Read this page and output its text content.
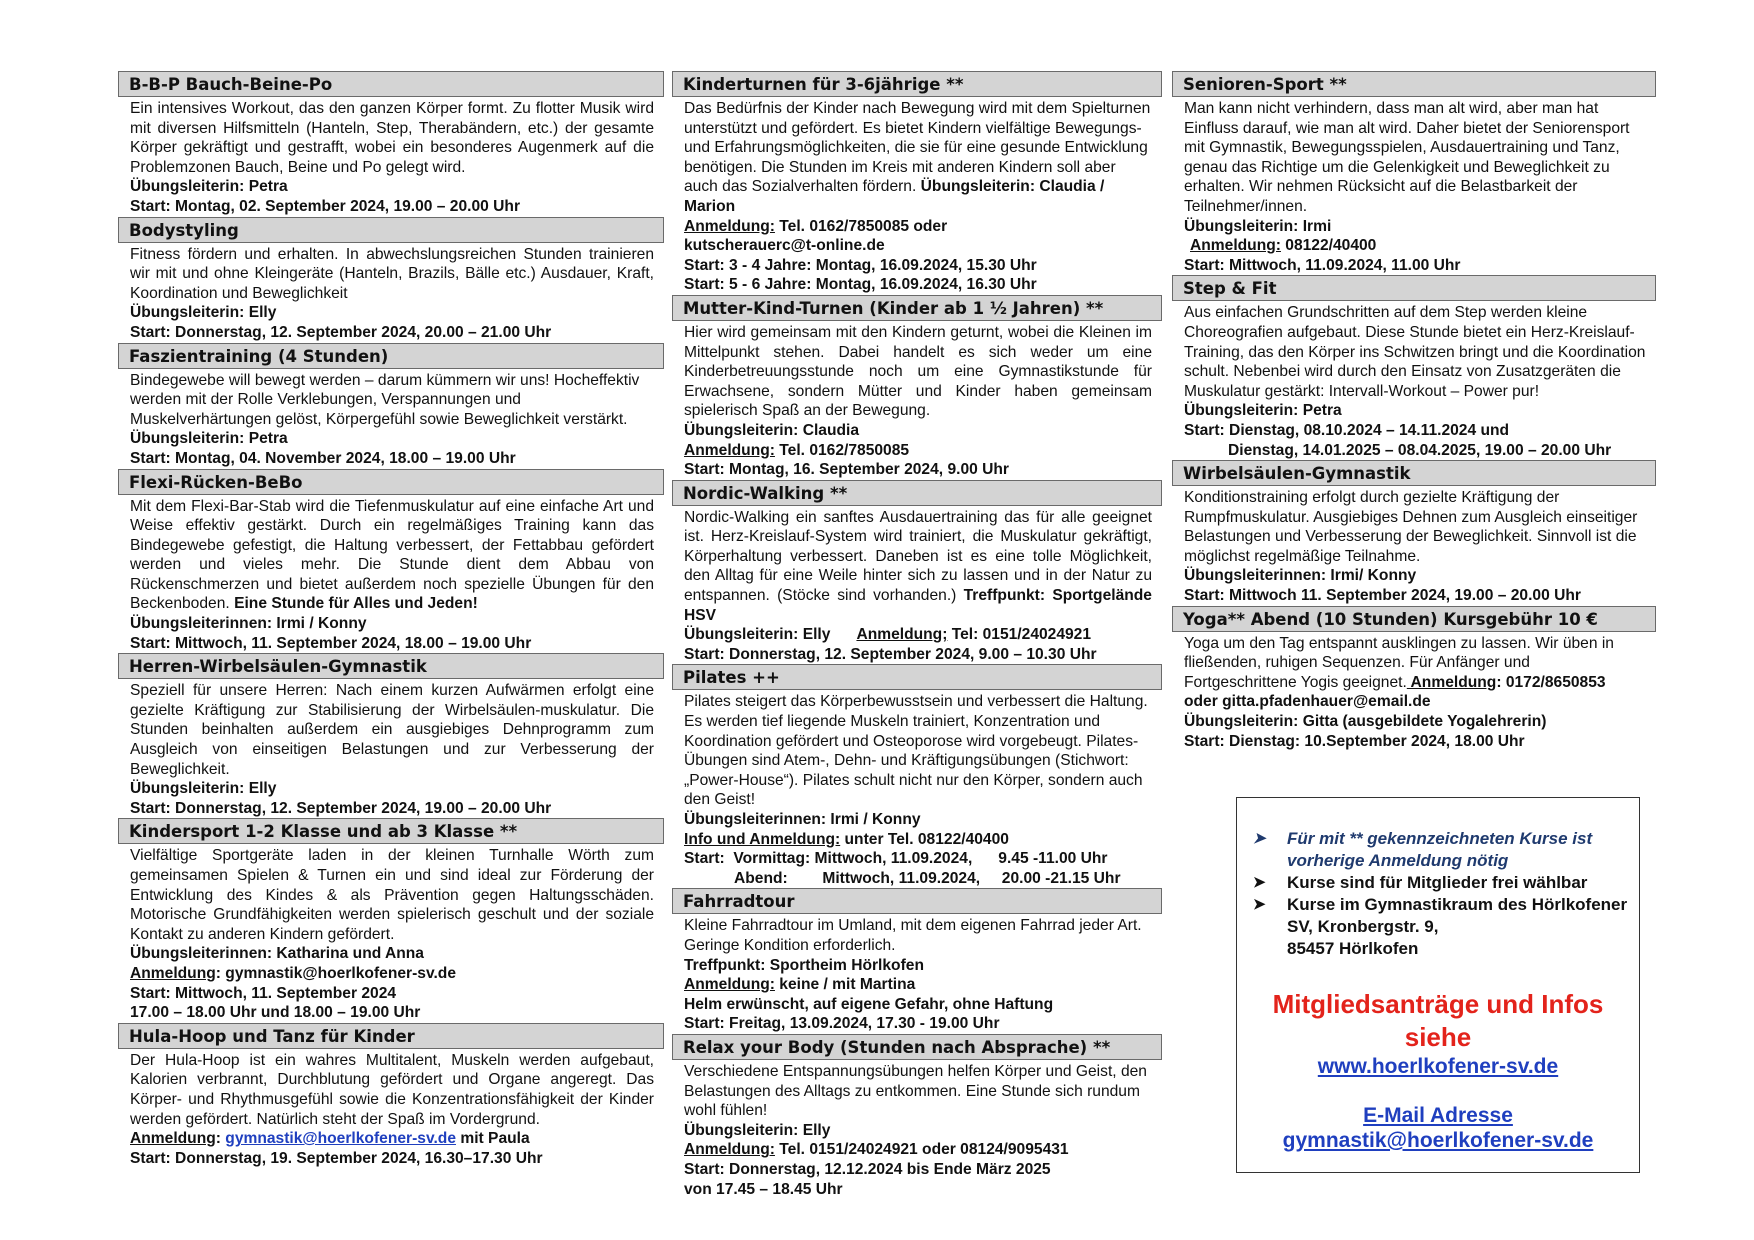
B-B-P Bauch-Beine-Po

Ein intensives Workout, das den ganzen Körper formt. Zu flotter Musik wird mit diversen Hilfsmitteln (Hanteln, Step, Therabändern, etc.) der gesamte Körper gekräftigt und gestrafft, wobei ein besonderes Augenmerk auf die Problemzonen Bauch, Beine und Po gelegt wird.

Übungsleiterin: Petra

Start: Montag, 02. September 2024, 19.00 – 20.00 Uhr

Bodystyling

Fitness fördern und erhalten. In abwechslungsreichen Stunden trainieren wir mit und ohne Kleingeräte (Hanteln, Brazils, Bälle etc.) Ausdauer, Kraft, Koordination und Beweglichkeit

Übungsleiterin: Elly

Start: Donnerstag, 12. September 2024, 20.00 – 21.00 Uhr

Faszientraining (4 Stunden)

Bindegewebe will bewegt werden – darum kümmern wir uns! Hocheffektiv werden mit der Rolle Verklebungen, Verspannungen und Muskelverhärtungen gelöst, Körpergefühl sowie Beweglichkeit verstärkt.

Übungsleiterin: Petra

Start: Montag, 04. November 2024, 18.00 – 19.00 Uhr

Flexi-Rücken-BeBo

Mit dem Flexi-Bar-Stab wird die Tiefenmuskulatur auf eine einfache Art und Weise effektiv gestärkt. Durch ein regelmäßiges Training kann das Bindegewebe gefestigt, die Haltung verbessert, der Fettabbau gefördert werden und vieles mehr. Die Stunde dient dem Abbau von Rückenschmerzen und bietet außerdem noch spezielle Übungen für den Beckenboden. Eine Stunde für Alles und Jeden!

Übungsleiterinnen: Irmi / Konny

Start: Mittwoch, 11. September 2024, 18.00 – 19.00 Uhr

Herren-Wirbelsäulen-Gymnastik

Speziell für unsere Herren: Nach einem kurzen Aufwärmen erfolgt eine gezielte Kräftigung zur Stabilisierung der Wirbelsäulen-muskulatur. Die Stunden beinhalten außerdem ein ausgiebiges Dehnprogramm zum Ausgleich von einseitigen Belastungen und zur Verbesserung der Beweglichkeit.

Übungsleiterin: Elly

Start: Donnerstag, 12. September 2024, 19.00 – 20.00 Uhr

Kindersport 1-2 Klasse und ab 3 Klasse **

Vielfältige Sportgeräte laden in der kleinen Turnhalle Wörth zum gemeinsamen Spielen & Turnen ein und sind ideal zur Förderung der Entwicklung des Kindes & als Prävention gegen Haltungsschäden. Motorische Grundfähigkeiten werden spielerisch geschult und der soziale Kontakt zu anderen Kindern gefördert.

Übungsleiterinnen: Katharina und Anna

Anmeldung: gymnastik@hoerlkofener-sv.de

Start: Mittwoch, 11. September 2024

17.00 – 18.00 Uhr und 18.00 – 19.00 Uhr

Hula-Hoop und Tanz für Kinder

Der Hula-Hoop ist ein wahres Multitalent, Muskeln werden aufgebaut, Kalorien verbrannt, Durchblutung gefördert und Organe angeregt. Das Körper- und Rhythmusgefühl sowie die Konzentrationsfähigkeit der Kinder werden gefördert. Natürlich steht der Spaß im Vordergrund.

Anmeldung: gymnastik@hoerlkofener-sv.de mit Paula

Start: Donnerstag, 19. September 2024, 16.30–17.30 Uhr

Kinderturnen für 3-6jährige **

Das Bedürfnis der Kinder nach Bewegung wird mit dem Spielturnen unterstützt und gefördert. Es bietet Kindern vielfältige Bewegungs- und Erfahrungsmöglichkeiten, die sie für eine gesunde Entwicklung benötigen. Die Stunden im Kreis mit anderen Kindern soll aber auch das Sozialverhalten fördern. Übungsleiterin: Claudia / Marion

Anmeldung: Tel. 0162/7850085 oder

kutscherauerc@t-online.de

Start: 3 - 4 Jahre: Montag, 16.09.2024, 15.30 Uhr

Start: 5 - 6 Jahre: Montag, 16.09.2024, 16.30 Uhr

Mutter-Kind-Turnen (Kinder ab 1 ½ Jahren) **

Hier wird gemeinsam mit den Kindern geturnt, wobei die Kleinen im Mittelpunkt stehen. Dabei handelt es sich weder um eine Kinderbetreuungsstunde noch um eine Gymnastikstunde für Erwachsene, sondern Mütter und Kinder haben gemeinsam spielerisch Spaß an der Bewegung.

Übungsleiterin: Claudia

Anmeldung: Tel. 0162/7850085

Start: Montag, 16. September 2024, 9.00 Uhr

Nordic-Walking **

Nordic-Walking ein sanftes Ausdauertraining das für alle geeignet ist. Herz-Kreislauf-System wird trainiert, die Muskulatur gekräftigt, Körperhaltung verbessert. Daneben ist es eine tolle Möglichkeit, den Alltag für eine Weile hinter sich zu lassen und in der Natur zu entspannen. (Stöcke sind vorhanden.) Treffpunkt: Sportgelände HSV

Übungsleiterin: Elly Anmeldung; Tel: 0151/24024921

Start: Donnerstag, 12. September 2024, 9.00 – 10.30 Uhr

Pilates ++

Pilates steigert das Körperbewusstsein und verbessert die Haltung. Es werden tief liegende Muskeln trainiert, Konzentration und Koordination gefördert und Osteoporose wird vorgebeugt. Pilates-Übungen sind Atem-, Dehn- und Kräftigungsübungen (Stichwort: „Power-House“). Pilates schult nicht nur den Körper, sondern auch den Geist!

Übungsleiterinnen: Irmi / Konny

Info und Anmeldung: unter Tel. 08122/40400

Start:  Vormittag: Mittwoch, 11.09.2024,      9.45 -11.00 Uhr

Abend:        Mittwoch, 11.09.2024,     20.00 -21.15 Uhr

Fahrradtour

Kleine Fahrradtour im Umland, mit dem eigenen Fahrrad jeder Art. Geringe Kondition erforderlich.

Treffpunkt: Sportheim Hörlkofen

Anmeldung: keine / mit Martina

Helm erwünscht, auf eigene Gefahr, ohne Haftung

Start: Freitag, 13.09.2024, 17.30 - 19.00 Uhr

Relax your Body (Stunden nach Absprache) **

Verschiedene Entspannungsübungen helfen Körper und Geist, den Belastungen des Alltags zu entkommen. Eine Stunde sich rundum wohl fühlen!

Übungsleiterin: Elly

Anmeldung: Tel. 0151/24024921 oder 08124/9095431

Start: Donnerstag, 12.12.2024 bis Ende März 2025

von 17.45 – 18.45 Uhr

Senioren-Sport **

Man kann nicht verhindern, dass man alt wird, aber man hat Einfluss darauf, wie man alt wird. Daher bietet der Seniorensport mit Gymnastik, Bewegungsspielen, Ausdauertraining und Tanz, genau das Richtige um die Gelenkigkeit und Beweglichkeit zu erhalten. Wir nehmen Rücksicht auf die Belastbarkeit der Teilnehmer/innen.

Übungsleiterin: Irmi

Anmeldung: 08122/40400

Start: Mittwoch, 11.09.2024, 11.00 Uhr

Step & Fit

Aus einfachen Grundschritten auf dem Step werden kleine Choreografien aufgebaut. Diese Stunde bietet ein Herz-Kreislauf-Training, das den Körper ins Schwitzen bringt und die Koordination schult. Nebenbei wird durch den Einsatz von Zusatzgeräten die Muskulatur gestärkt: Intervall-Workout – Power pur!

Übungsleiterin: Petra

Start: Dienstag, 08.10.2024 – 14.11.2024 und

Dienstag, 14.01.2025 – 08.04.2025, 19.00 – 20.00 Uhr

Wirbelsäulen-Gymnastik

Konditionstraining erfolgt durch gezielte Kräftigung der Rumpfmuskulatur. Ausgiebiges Dehnen zum Ausgleich einseitiger Belastungen und Verbesserung der Beweglichkeit. Sinnvoll ist die möglichst regelmäßige Teilnahme.

Übungsleiterinnen: Irmi/ Konny

Start: Mittwoch 11. September 2024, 19.00 – 20.00 Uhr

Yoga** Abend (10 Stunden) Kursgebühr 10 €

Yoga um den Tag entspannt ausklingen zu lassen. Wir üben in fließenden, ruhigen Sequenzen. Für Anfänger und Fortgeschrittene Yogis geeignet. Anmeldung: 0172/8650853

oder gitta.pfadenhauer@email.de

Übungsleiterin: Gitta (ausgebildete Yogalehrerin)

Start: Dienstag: 10.September 2024, 18.00 Uhr

➤ Für mit ** gekennzeichneten Kurse ist vorherige Anmeldung nötig
➤ Kurse sind für Mitglieder frei wählbar
➤ Kurse im Gymnastikraum des Hörlkofener SV, Kronbergstr. 9,
85457 Hörlkofen
Mitgliedsanträge und Infos siehe
www.hoerlkofener-sv.de
E-Mail Adresse
gymnastik@hoerlkofener-sv.de
